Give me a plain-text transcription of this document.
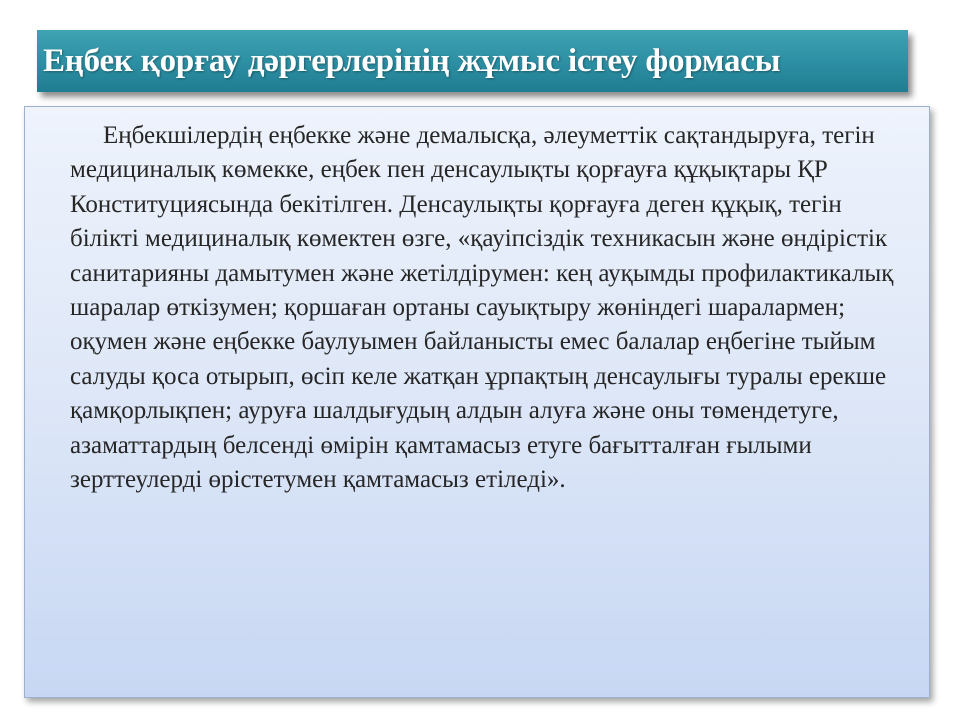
Еңбек қорғау дәргерлерінің жұмыс істеу формасы

Еңбекшілердің еңбекке және демалысқа, әлеуметтік сақтандыруға, тегін медициналық көмекке, еңбек пен денсаулықты қорғауға құқықтары ҚР Конституциясында бекітілген. Денсаулықты қорғауға деген құқық, тегін білікті медициналық көмектен өзге, «қауіпсіздік техникасын және өндірістік санитарияны дамытумен және жетілдірумен: кең ауқымды профилактикалық шаралар өткізумен; қоршаған ортаны сауықтыру жөніндегі шаралармен; оқумен және еңбекке баулуымен байланысты емес балалар еңбегіне тыйым салуды қоса отырып, өсіп келе жатқан ұрпақтың денсаулығы туралы ерекше қамқорлықпен; ауруға шалдығудың алдын алуға және оны төмендетуге, азаматтардың белсенді өмірін қамтамасыз етуге бағытталған ғылыми зерттеулерді өрістетумен қамтамасыз етіледі».
